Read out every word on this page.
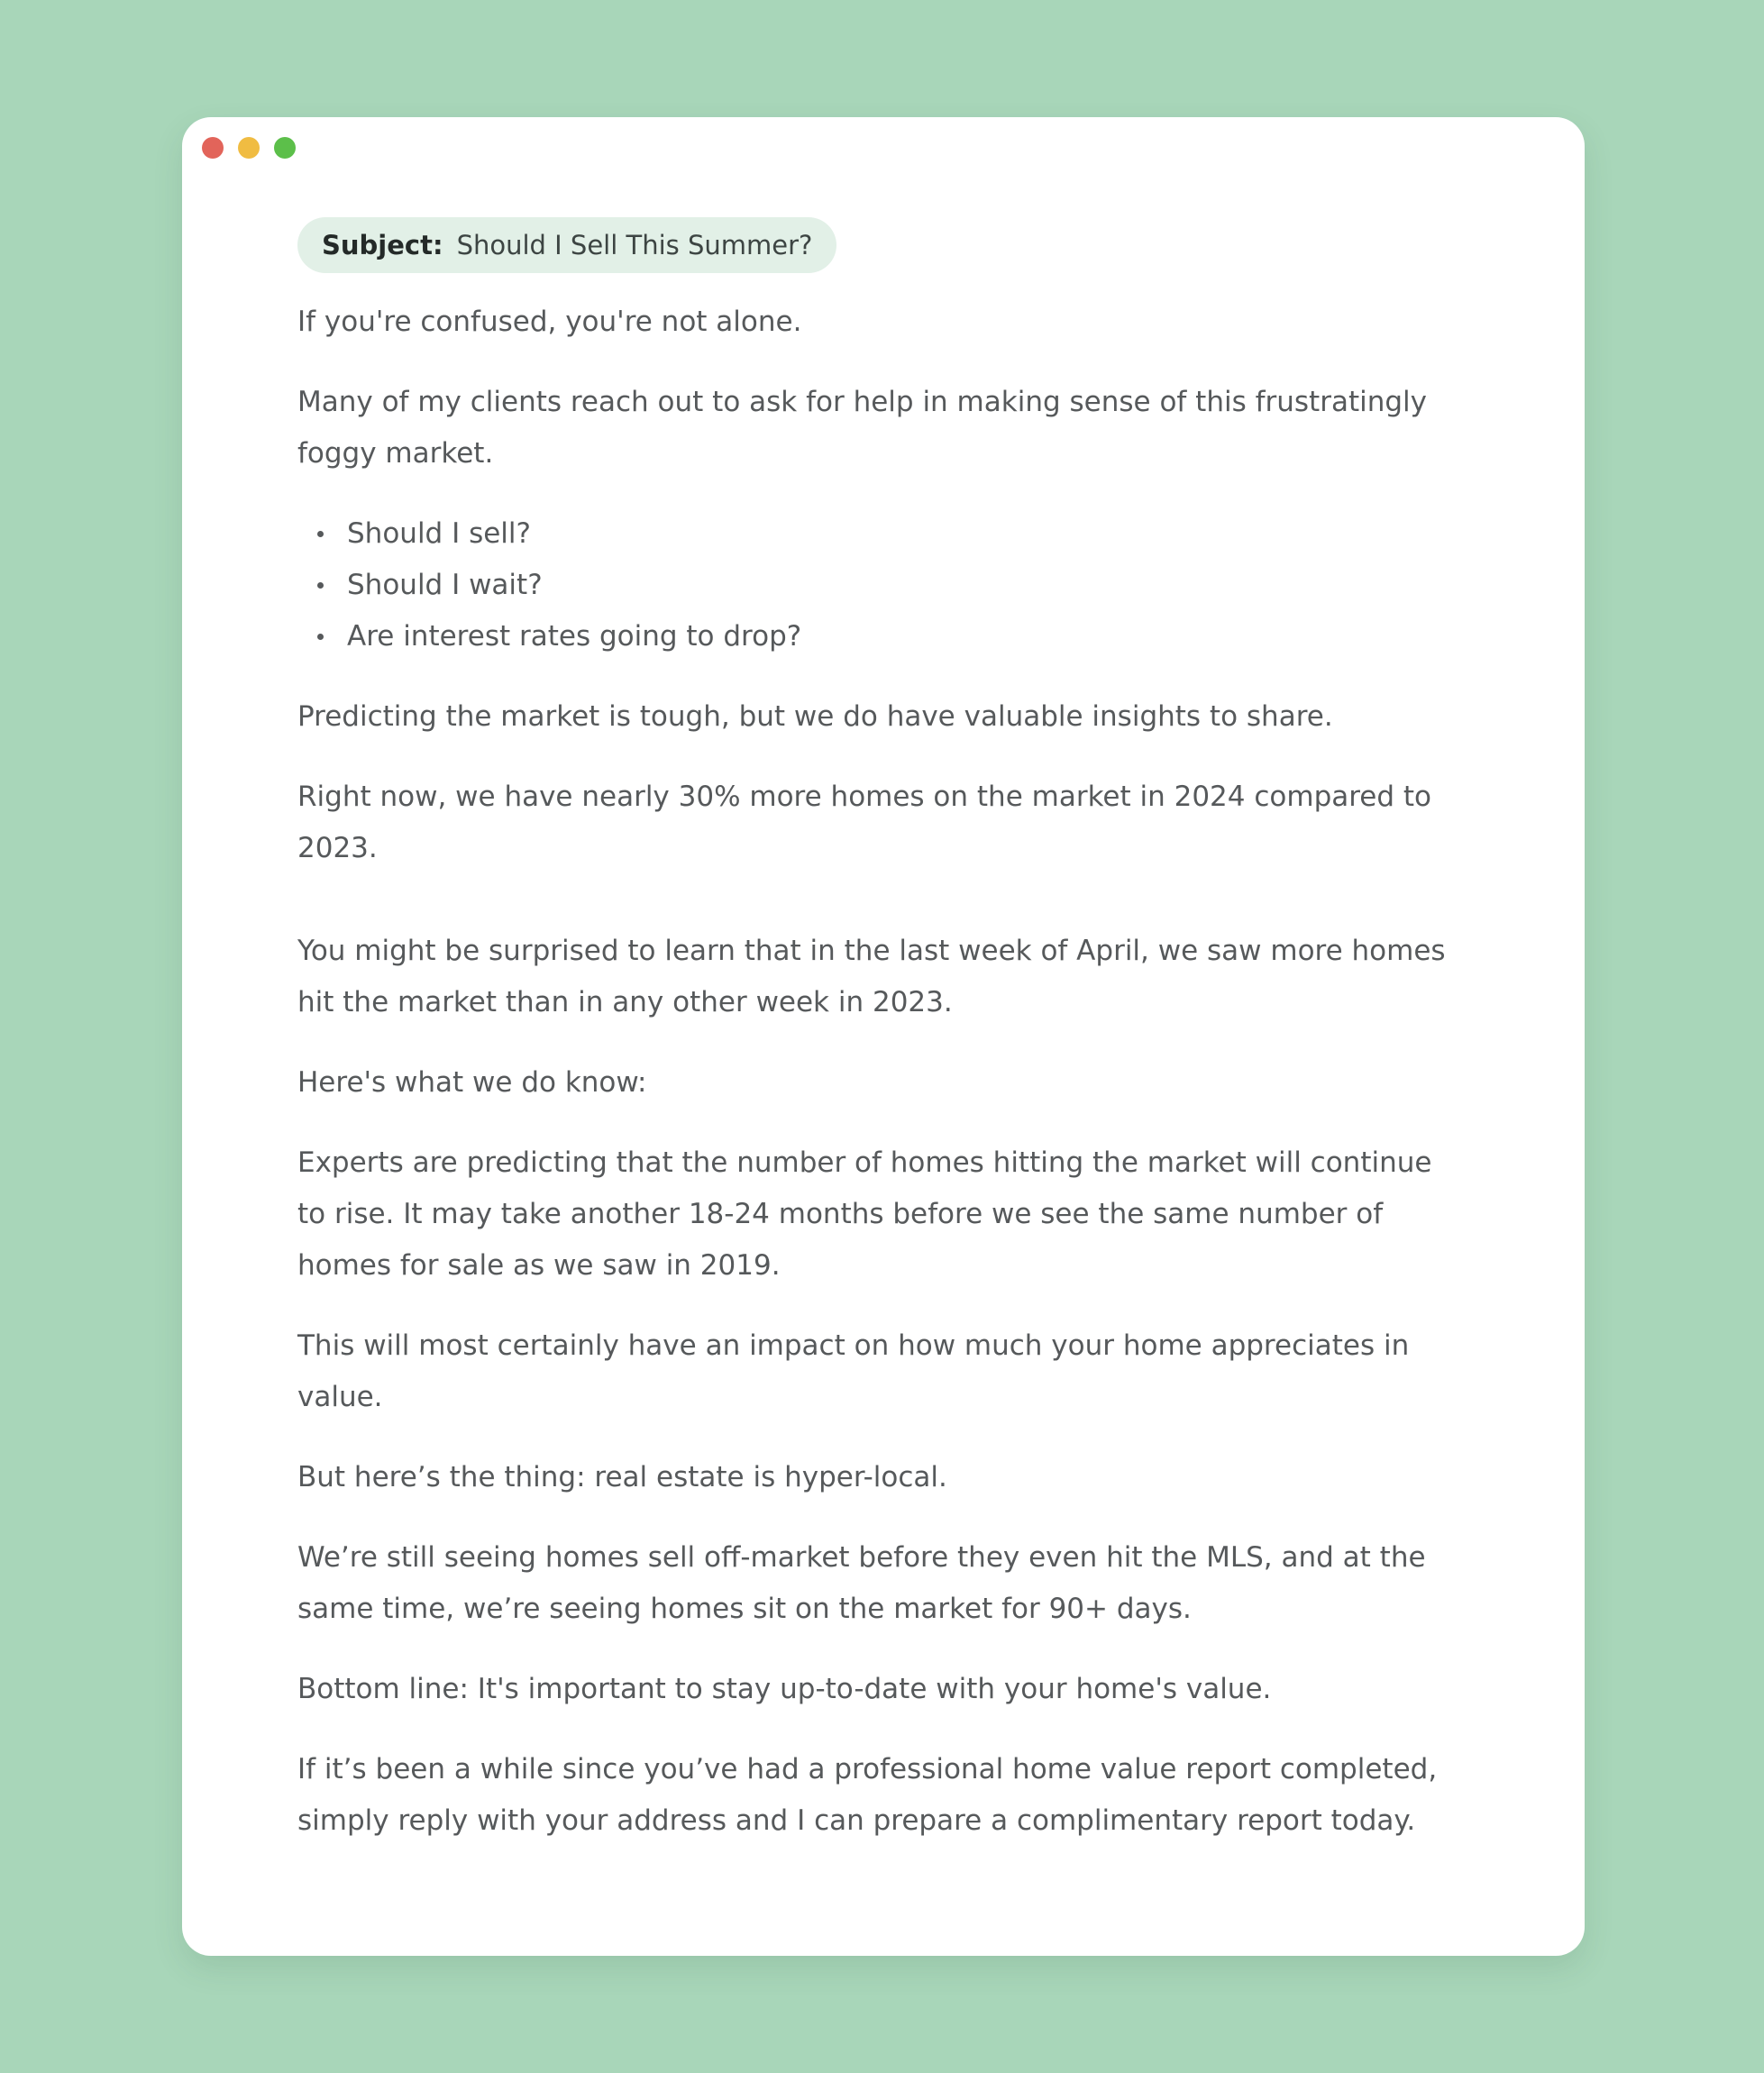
Subject: Should I Sell This Summer?

If you're confused, you're not alone.

Many of my clients reach out to ask for help in making sense of this frustratingly foggy market.

Should I sell?
Should I wait?
Are interest rates going to drop?

Predicting the market is tough, but we do have valuable insights to share.

Right now, we have nearly 30% more homes on the market in 2024 compared to 2023.

You might be surprised to learn that in the last week of April, we saw more homes hit the market than in any other week in 2023.

Here's what we do know:

Experts are predicting that the number of homes hitting the market will continue to rise. It may take another 18-24 months before we see the same number of homes for sale as we saw in 2019.

This will most certainly have an impact on how much your home appreciates in value.

But here’s the thing: real estate is hyper-local.

We’re still seeing homes sell off-market before they even hit the MLS, and at the same time, we’re seeing homes sit on the market for 90+ days.

Bottom line: It's important to stay up-to-date with your home's value.

If it’s been a while since you’ve had a professional home value report completed, simply reply with your address and I can prepare a complimentary report today.
